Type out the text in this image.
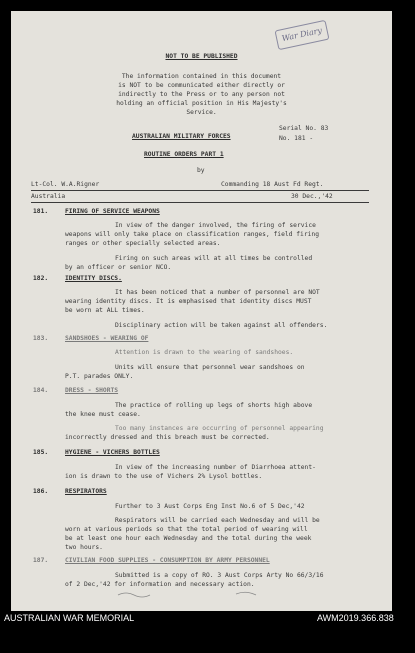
War Diary
NOT TO BE PUBLISHED
The information contained in this document
is NOT to be communicated either directly or
indirectly to the Press or to any person not
holding an official position in His Majesty's
Service.
Serial No. 83
No. 181 -
AUSTRALIAN MILITARY FORCES
ROUTINE ORDERS PART 1
by
Lt-Col. W.A.Rigner	Commanding 18 Aust Fd Regt.
Australia	30 Dec.,'42
181.	FIRING OF SERVICE WEAPONS
In view of the danger involved, the firing of service
weapons will only take place on classification ranges, field firing
ranges or other specially selected areas.
Firing on such areas will at all times be controlled
by an officer or senior NCO.
182.	IDENTITY DISCS.
It has been noticed that a number of personnel are NOT
wearing identity discs. It is emphasised that identity discs MUST
be worn at ALL times.
Disciplinary action will be taken against all offenders.
183.	SANDSHOES - WEARING OF
Attention is drawn to the wearing of sandshoes.
Units will ensure that personnel wear sandshoes on
P.T. parades ONLY.
184.	DRESS - SHORTS
The practice of rolling up legs of shorts high above
the knee must cease.
Too many instances are occurring of personnel appearing
incorrectly dressed and this breach must be corrected.
185.	HYGIENE - VICHERS BOTTLES
In view of the increasing number of Diarrhoea attent-
ion is drawn to the use of Vichers 2% Lysol bottles.
186.	RESPIRATORS
Further to 3 Aust Corps Eng Inst No.6 of 5 Dec,'42
Respirators will be carried each Wednesday and will be
worn at various periods so that the total period of wearing will
be at least one hour each Wednesday and the total during the week
two hours.
187.	CIVILIAN FOOD SUPPLIES - CONSUMPTION BY ARMY PERSONNEL
Submitted is a copy of RO. 3 Aust Corps Arty No 66/3/16
of 2 Dec,'42 for information and necessary action.
AUSTRALIAN WAR MEMORIAL	AWM2019.366.838
